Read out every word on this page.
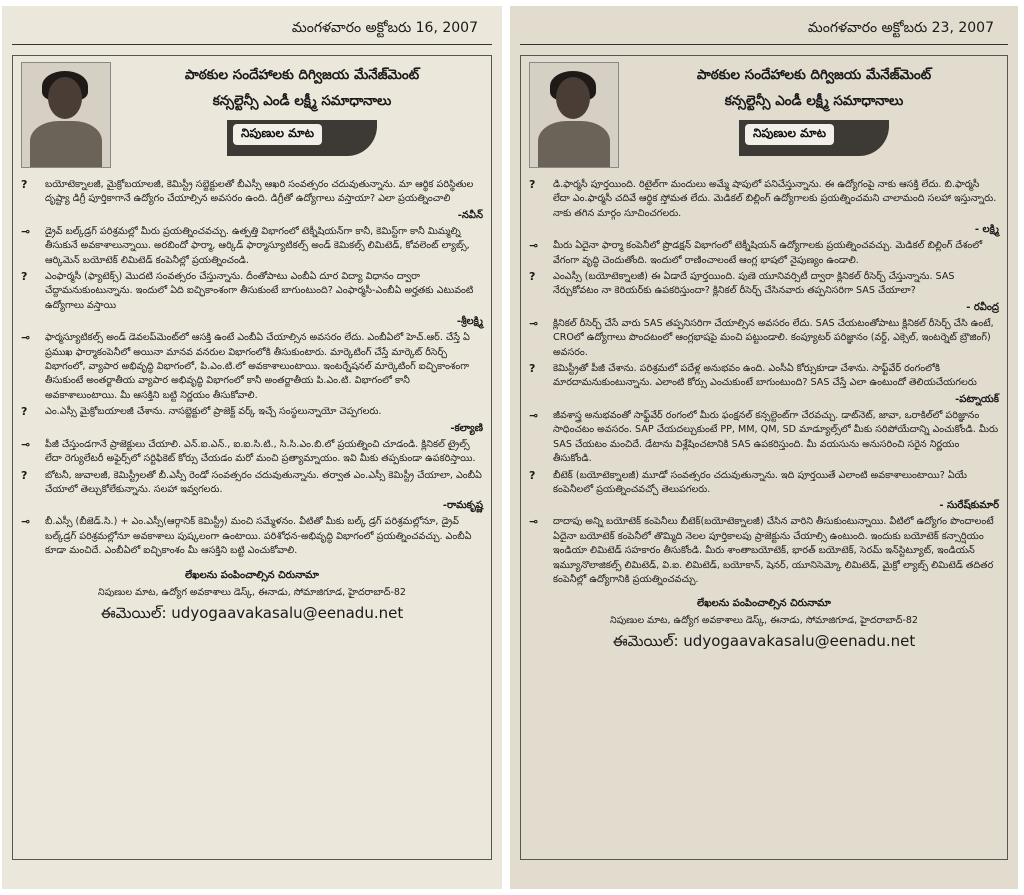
మంగళవారం అక్టోబరు 16, 2007
పాఠకుల సందేహాలకు దిగ్విజయ మేనేజ్‌మెంట్
కన్సల్టెన్సీ ఎండీ లక్ష్మీ సమాధానాలు
నిపుణుల మాట
?	బయోటెక్నాలజీ, మైక్రోబయాలజీ, కెమిస్ట్రీ సబ్జెక్టులతో బీఎస్సీ ఆఖరి సంవత్సరం చదువుతున్నాను. మా ఆర్థిక పరిస్థితుల దృష్ట్యా డిగ్రీ పూర్తికాగానే ఉద్యోగం చేయాల్సిన అవసరం ఉంది. డిగ్రీతో ఉద్యోగాలు వస్తాయా? ఎలా ప్రయత్నించాలి
-నవీన్
⊸	డ్రైవ్ బల్క్‌డ్రగ్ పరిశ్రమల్లో మీరు ప్రయత్నించవచ్చు. ఉత్పత్తి విభాగంలో టెక్నీషియన్‌గా కానీ, కెమిస్ట్‌గా కానీ మిమ్మల్ని తీసుకునే అవకాశాలున్నాయి. అరబిందో ఫార్మా, ఆర్కిడ్ ఫార్మాస్యూటికల్స్ అండ్ కెమికల్స్ లిమిటెడ్, కోవలెంట్ ల్యాబ్స్, ఆర్కిమెన్ బయోటెక్ లిమిటెడ్ కంపెనీల్లో ప్రయత్నించండి.
?	ఎంఫార్మసీ (ఫ్యాటెక్స్) మొదటి సంవత్సరం చేస్తున్నాను. దీంతోపాటు ఎంబీఏ దూర విద్యా విధానం ద్వారా చేద్దామనుకుంటున్నాను. ఇందులో ఏది ఐచ్ఛికాంశంగా తీసుకుంటే బాగుంటుంది? ఎంఫార్మసీ-ఎంబీఏ అర్హతకు ఎటువంటి ఉద్యోగాలు వస్తాయి
-శ్రీలక్ష్మి
⊸	ఫార్మస్యూటికల్స్ అండ్ డెవలప్‌మెంట్‌లో ఆసక్తి ఉంటే ఎంబీఏ చేయాల్సిన అవసరం లేదు. ఎంబీఏలో హెచ్.ఆర్. చేస్తే ఏ ప్రముఖ ఫార్మాకంపెనీలో అయినా మానవ వనరుల విభాగంలోకి తీసుకుంటారు. మార్కెటింగ్ చేస్తే మార్కెట్ రీసెర్చ్ విభాగంలో, వ్యాపార అభివృద్ధి విభాగంలో, పి.ఎం.టి.లో అవకాశాలుంటాయి. ఇంటర్నేషనల్ మార్కెటింగ్ ఐచ్ఛికాంశంగా తీసుకుంటే అంతర్జాతీయ వ్యాపార అభివృద్ధి విభాగంలో కానీ అంతర్జాతీయ పి.ఎం.టి. విభాగంలో కానీ అవకాశాలుంటాయి. మీ ఆసక్తిని బట్టి నిర్ణయం తీసుకోవాలి.
?	ఎం.ఎస్సీ మైక్రోబయాలజీ చేశాను. నాసబ్జెక్టులో ప్రాజెక్ట్ వర్క్ ఇచ్చే సంస్థలున్నాయో చెప్పగలరు.
-కల్యాణి
⊸	పీజీ చేస్తుండగానే ప్రాజెక్టులు చేయాలి. ఎన్.ఐ.ఎన్., ఐ.ఐ.సి.టి., సి.సి.ఎం.బి.లో ప్రయత్నించి చూడండి. క్లినికల్ ట్రైల్స్ లేదా రెగ్యులేటరీ అఫైర్స్‌లో సర్టిఫికెట్ కోర్సు చేయడం మరో మంచి ప్రత్యామ్నాయం. ఇవి మీకు తప్పకుండా ఉపకరిస్తాయి.
?	బోటనీ, జువాలజీ, కెమిస్ట్రీలతో బీ.ఎస్సీ రెండో సంవత్సరం చదువుతున్నాను. తర్వాత ఎం.ఎస్సీ కెమిస్ట్రీ చేయాలా, ఎంబీఏ చేయాలో తెల్చుకోలేకున్నాను. సలహా ఇవ్వగలరు.
-రామకృష్ణ
⊸	బీ.ఎస్సీ (బీజెడ్.సి.) + ఎం.ఎస్సీ(ఆర్గానిక్ కెమిస్ట్రీ) మంచి సమ్మేళనం. వీటితో మీకు బల్క్ డ్రగ్ పరిశ్రమల్లోనూ, డ్రైవ్ బల్క్‌డ్రగ్ పరిశ్రమల్లోనూ అవకాశాలు పుష్కలంగా ఉంటాయి. పరిశోధన-అభివృద్ధి విభాగంలో ప్రయత్నించవచ్చు. ఎంబీఏ కూడా మంచిదే. ఎంబీఏలో ఐచ్ఛికాంశం మీ ఆసక్తిని బట్టి ఎంచుకోవాలి.
లేఖలను పంపించాల్సిన చిరునామా
నిపుణుల మాట, ఉద్యోగ అవకాశాలు డెస్క్, ఈనాడు, సోమాజిగూడ, హైదరాబాద్-82
ఈమెయిల్: udyogaavakasalu@eenadu.net
మంగళవారం అక్టోబరు 23, 2007
పాఠకుల సందేహాలకు దిగ్విజయ మేనేజ్‌మెంట్
కన్సల్టెన్సీ ఎండీ లక్ష్మీ సమాధానాలు
నిపుణుల మాట
?	డి.ఫార్మసీ పూర్తయింది. రిటైల్‌గా మందులు అమ్మే షాపులో పనిచేస్తున్నాను. ఈ ఉద్యోగంపై నాకు ఆసక్తి లేదు. బి.ఫార్మసీ లేదా ఎం.ఫార్మసీ చదివే ఆర్థిక స్తోమత లేదు. మెడికల్ బిల్లింగ్ ఉద్యోగాలకు ప్రయత్నించమని చాలామంది సలహా ఇస్తున్నారు. నాకు తగిన మార్గం సూచించగలరు.
- లక్ష్మి
⊸	మీరు ఏదైనా ఫార్మా కంపెనీలో ప్రొడక్షన్ విభాగంలో టెక్నీషియన్ ఉద్యోగాలకు ప్రయత్నించవచ్చు. మెడికల్ బిల్లింగ్ దేశంలో వేగంగా వృద్ధి చెందుతోంది. ఇందులో రాణించాలంటే ఆంగ్ల భాషలో నైపుణ్యం ఉండాలి.
?	ఎంఎస్సీ (బయోటెక్నాలజీ) ఈ ఏడాదే పూర్తయింది. పుణె యూనివర్సిటీ ద్వారా క్లినికల్ రీసెర్చ్ చేస్తున్నాను. SAS నేర్చుకోవటం నా కెరియర్‌కు ఉపకరిస్తుందా? క్లినికల్ రీసెర్చ్ చేసినవారు తప్పనిసరిగా SAS చేయాలా?
- రవీంద్ర
⊸	క్లినికల్ రీసెర్చ్ చేసే వారు SAS తప్పనిసరిగా చేయాల్సిన అవసరం లేదు. SAS చేయటంతోపాటు క్లినికల్ రీసెర్చ్ చేసి ఉంటే, CROలో ఉద్యోగాలు పొందటంలో ఆంగ్లభాషపై మంచి పట్టుండాలి. కంప్యూటర్ పరిజ్ఞానం (వర్డ్, ఎక్సెల్, ఇంటర్నెట్ బ్రౌజింగ్) అవసరం.
?	కెమిస్ట్రీతో పీజీ చేశాను. పరిశ్రమలో పదేళ్ల అనుభవం ఉంది. ఎంసీఏ కోర్సుకూడా చేశాను. సాఫ్ట్‌వేర్ రంగంలోకి మారదామనుకుంటున్నాను. ఎలాంటి కోర్సు ఎంచుకుంటే బాగుంటుంది? SAS చేస్తే ఎలా ఉంటుందో తెలియచేయగలరు
-పట్నాయక్
⊸	జీవశాస్త్ర అనుభవంతో సాఫ్ట్‌వేర్ రంగంలో మీరు ఫంక్షనల్ కన్సల్టెంట్‌గా చేరవచ్చు. డాట్‌నెట్, జావా, ఒరాకిల్‌లో పరిజ్ఞానం సాధించటం అవసరం. SAP చేయదల్చుకుంటే PP, MM, QM, SD మాడ్యూల్స్‌లో మీకు సరిపోయేదాన్ని ఎంచుకోండి. మీరు SAS చేయటం మంచిదే. డేటాను విశ్లేషించటానికి SAS ఉపకరిస్తుంది. మీ వయసును అనుసరించి సరైన నిర్ణయం తీసుకోండి.
?	బీటెక్ (బయోటెక్నాలజీ) మూడో సంవత్సరం చదువుతున్నాను. ఇది పూర్తయితే ఎలాంటి అవకాశాలుంటాయి? ఏయే కంపెనీలలో ప్రయత్నించవచ్చో తెలుపగలరు.
- సురేష్‌కుమార్
⊸	దాదాపు అన్ని బయోటెక్ కంపెనీలు బీటెక్(బయోటెక్నాలజీ) చేసిన వారిని తీసుకుంటున్నాయి. వీటిలో ఉద్యోగం పొందాలంటే ఏదైనా బయోటెక్ కంపెనీలో తొమ్మిది నెలల పూర్తికాలపు ప్రాజెక్టును చేయాల్సి ఉంటుంది. ఇందుకు బయోటెక్ కన్సార్షియం ఇండియా లిమిటెడ్ సహకారం తీసుకోండి. మీరు శాంతాబయోటెక్, భారత్ బయోటెక్, సెరమ్ ఇన్‌స్టిట్యూట్, ఇండియన్ ఇమ్యూనొలాజికల్స్ లిమిటెడ్, వి.ఐ. లిమిటెడ్, బయోకాన్, షెనర్, యూనిసెమ్కో లిమిటెడ్, మైక్రో ల్యాబ్స్ లిమిటెడ్ తదితర కంపెనీల్లో ఉద్యోగానికి ప్రయత్నించవచ్చు.
లేఖలను పంపించాల్సిన చిరునామా
నిపుణుల మాట, ఉద్యోగ అవకాశాలు డెస్క్, ఈనాడు, సోమాజిగూడ, హైదరాబాద్-82
ఈమెయిల్: udyogaavakasalu@eenadu.net
